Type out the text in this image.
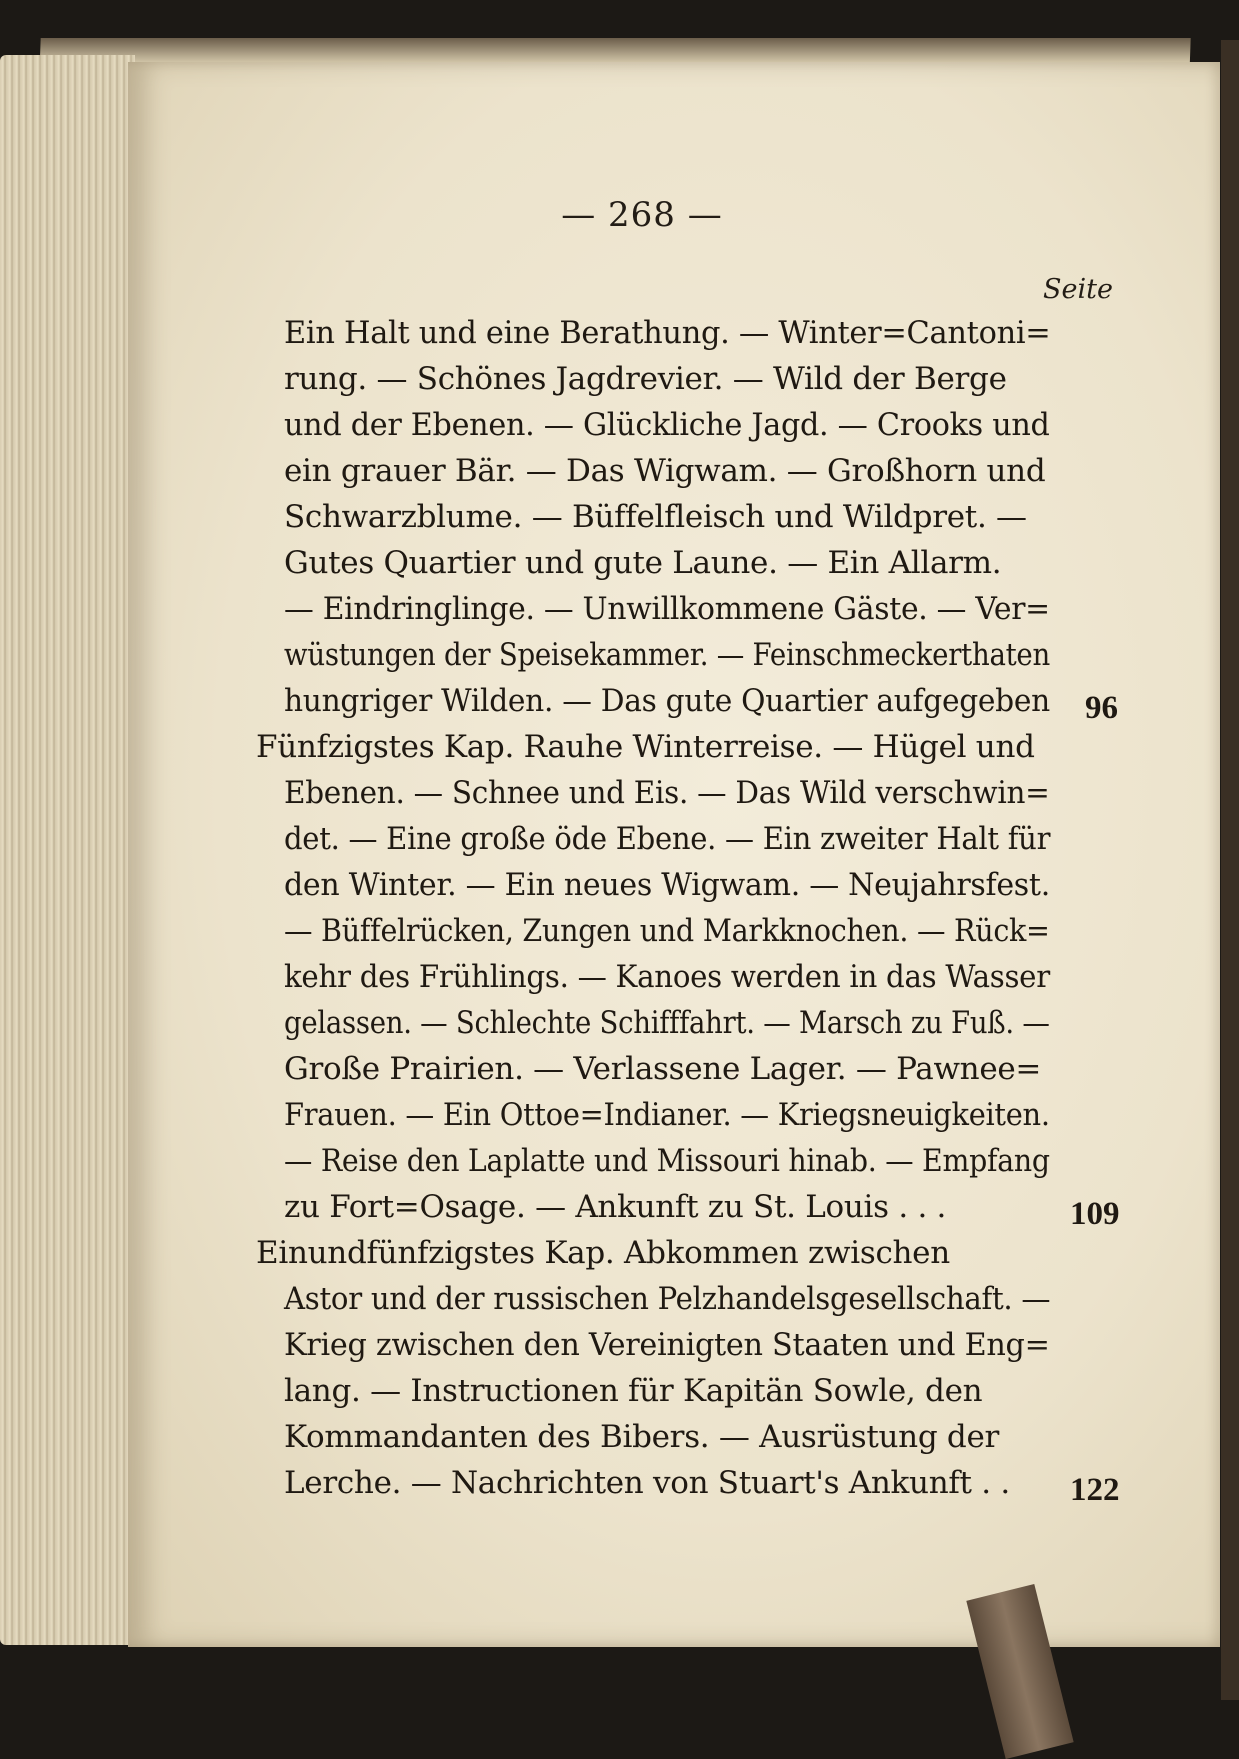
— 268 —
Seite
Ein Halt und eine Berathung. — Winter=Cantoni=
rung. — Schönes Jagdrevier. — Wild der Berge
und der Ebenen. — Glückliche Jagd. — Crooks und
ein grauer Bär. — Das Wigwam. — Großhorn und
Schwarzblume. — Büffelfleisch und Wildpret. —
Gutes Quartier und gute Laune. — Ein Allarm.
— Eindringlinge. — Unwillkommene Gäste. — Ver=
wüstungen der Speisekammer. — Feinschmeckerthaten
hungriger Wilden. — Das gute Quartier aufgegeben
Fünfzigstes Kap. Rauhe Winterreise. — Hügel und
Ebenen. — Schnee und Eis. — Das Wild verschwin=
det. — Eine große öde Ebene. — Ein zweiter Halt für
den Winter. — Ein neues Wigwam. — Neujahrsfest.
— Büffelrücken, Zungen und Markknochen. — Rück=
kehr des Frühlings. — Kanoes werden in das Wasser
gelassen. — Schlechte Schifffahrt. — Marsch zu Fuß. —
Große Prairien. — Verlassene Lager. — Pawnee=
Frauen. — Ein Ottoe=Indianer. — Kriegsneuigkeiten.
— Reise den Laplatte und Missouri hinab. — Empfang
zu Fort=Osage. — Ankunft zu St. Louis . . .
Einundfünfzigstes Kap. Abkommen zwischen
Astor und der russischen Pelzhandelsgesellschaft. —
Krieg zwischen den Vereinigten Staaten und Eng=
lang. — Instructionen für Kapitän Sowle, den
Kommandanten des Bibers. — Ausrüstung der
Lerche. — Nachrichten von Stuart's Ankunft . .
96
109
122
